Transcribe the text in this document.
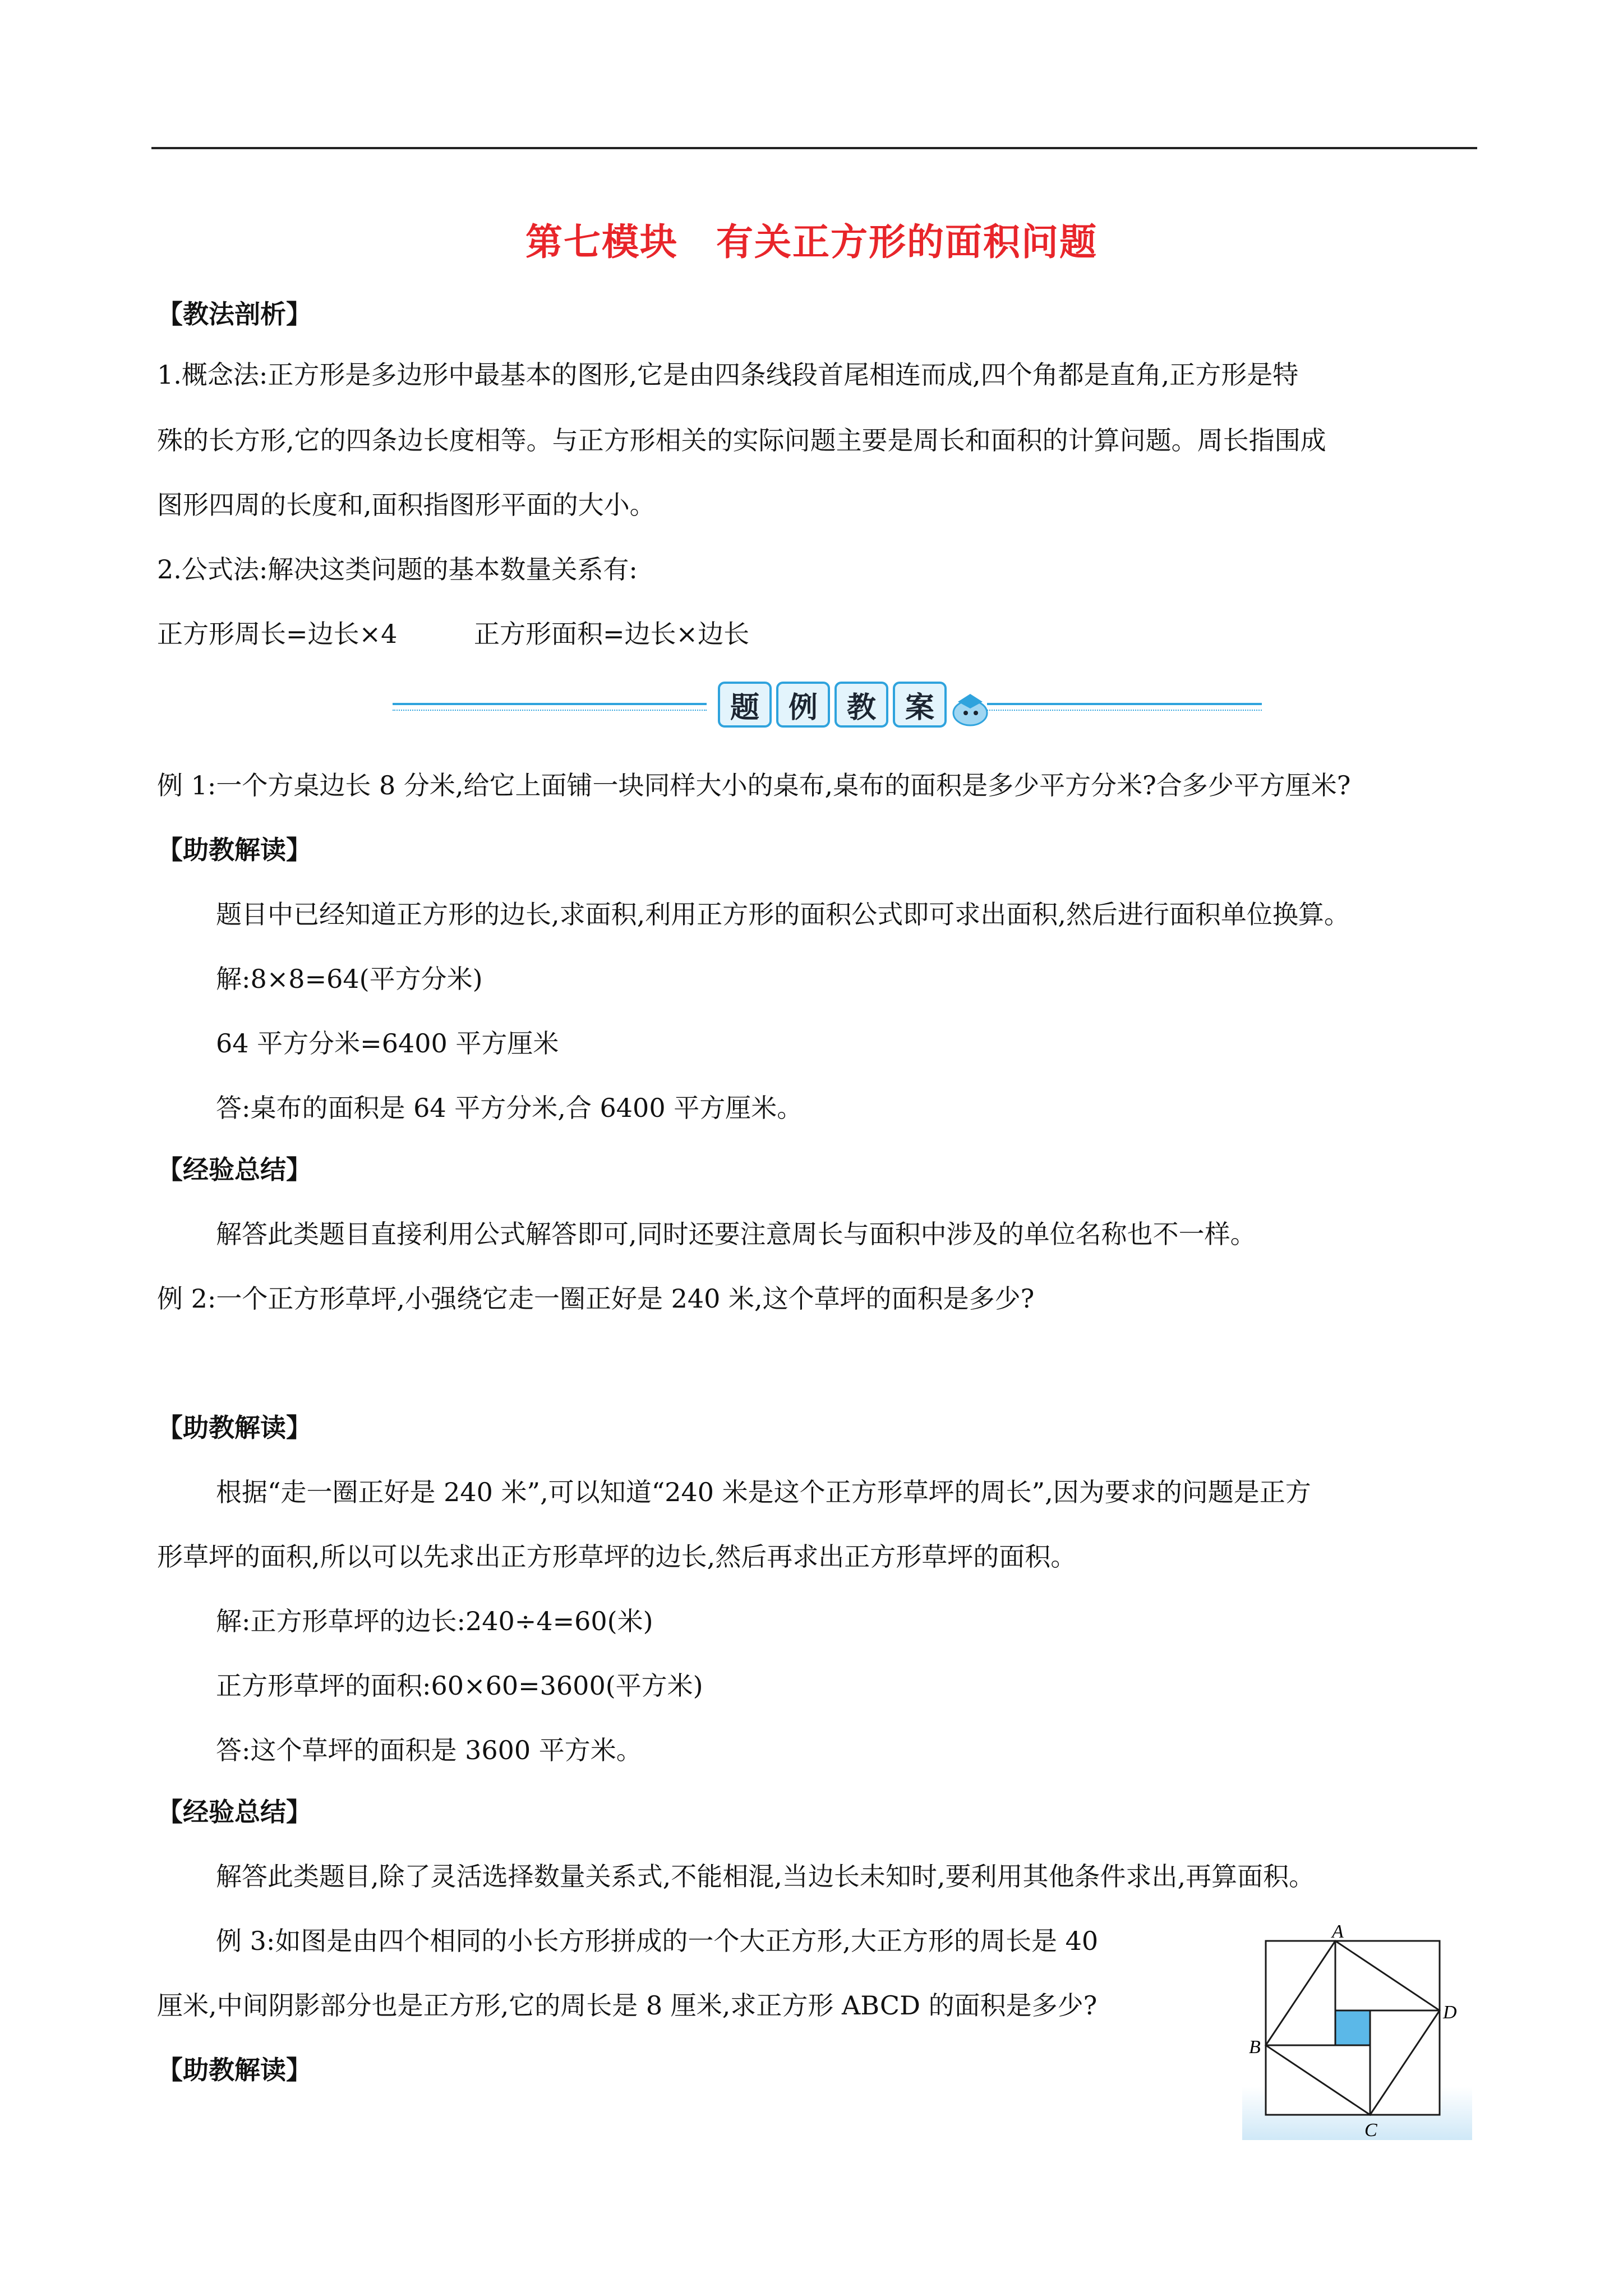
第七模块　有关正方形的面积问题
【教法剖析】
1.概念法:正方形是多边形中最基本的图形,它是由四条线段首尾相连而成,四个角都是直角,正方形是特
殊的长方形,它的四条边长度相等。与正方形相关的实际问题主要是周长和面积的计算问题。周长指围成
图形四周的长度和,面积指图形平面的大小。
2.公式法:解决这类问题的基本数量关系有:
正方形周长=边长×4	正方形面积=边长×边长
题 例 教 案
例 1:一个方桌边长 8 分米,给它上面铺一块同样大小的桌布,桌布的面积是多少平方分米?合多少平方厘米?
【助教解读】
题目中已经知道正方形的边长,求面积,利用正方形的面积公式即可求出面积,然后进行面积单位换算。
解:8×8=64(平方分米)
64 平方分米=6400 平方厘米
答:桌布的面积是 64 平方分米,合 6400 平方厘米。
【经验总结】
解答此类题目直接利用公式解答即可,同时还要注意周长与面积中涉及的单位名称也不一样。
例 2:一个正方形草坪,小强绕它走一圈正好是 240 米,这个草坪的面积是多少?
【助教解读】
根据“走一圈正好是 240 米”,可以知道“240 米是这个正方形草坪的周长”,因为要求的问题是正方
形草坪的面积,所以可以先求出正方形草坪的边长,然后再求出正方形草坪的面积。
解:正方形草坪的边长:240÷4=60(米)
正方形草坪的面积:60×60=3600(平方米)
答:这个草坪的面积是 3600 平方米。
【经验总结】
解答此类题目,除了灵活选择数量关系式,不能相混,当边长未知时,要利用其他条件求出,再算面积。
例 3:如图是由四个相同的小长方形拼成的一个大正方形,大正方形的周长是 40
厘米,中间阴影部分也是正方形,它的周长是 8 厘米,求正方形 ABCD 的面积是多少?
【助教解读】
A
D
B
C
